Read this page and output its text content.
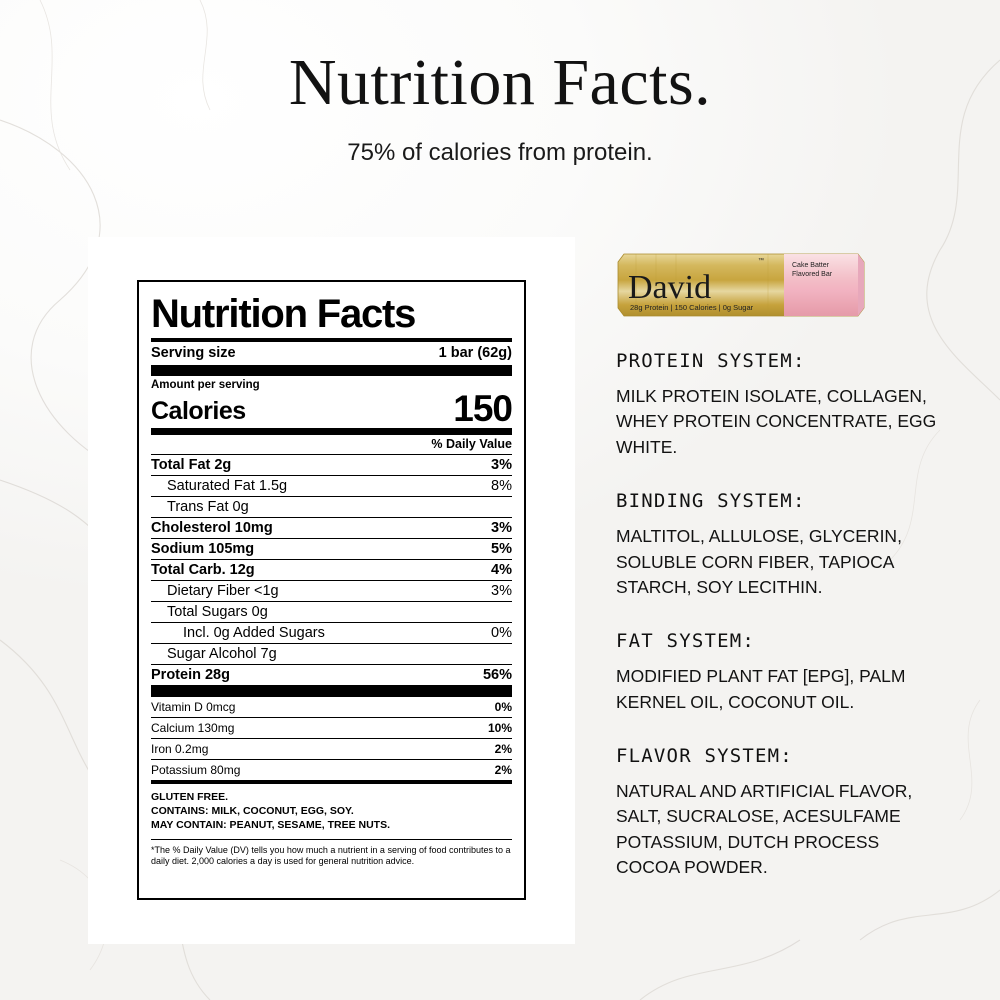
Nutrition Facts.

75% of calories from protein.

Nutrition Facts
Serving size	1 bar (62g)
Amount per serving
Calories	150
% Daily Value
Total Fat 2g	3%
Saturated Fat 1.5g	8%
Trans Fat 0g
Cholesterol 10mg	3%
Sodium 105mg	5%
Total Carb. 12g	4%
Dietary Fiber <1g	3%
Total Sugars 0g
Incl. 0g Added Sugars	0%
Sugar Alcohol 7g
Protein 28g	56%
Vitamin D 0mcg	0%
Calcium 130mg	10%
Iron 0.2mg	2%
Potassium 80mg	2%
GLUTEN FREE.
CONTAINS: MILK, COCONUT, EGG, SOY.
MAY CONTAIN: PEANUT, SESAME, TREE NUTS.
*The % Daily Value (DV) tells you how much a nutrient in a serving of food contributes to a daily diet. 2,000 calories a day is used for general nutrition advice.
David
™
Cake Batter
Flavored Bar
28g Protein | 150 Calories | 0g Sugar
PROTEIN SYSTEM:

MILK PROTEIN ISOLATE, COLLAGEN, WHEY PROTEIN CONCENTRATE, EGG WHITE.

BINDING SYSTEM:

MALTITOL, ALLULOSE, GLYCERIN, SOLUBLE CORN FIBER, TAPIOCA STARCH, SOY LECITHIN.

FAT SYSTEM:

MODIFIED PLANT FAT [EPG], PALM KERNEL OIL, COCONUT OIL.

FLAVOR SYSTEM:

NATURAL AND ARTIFICIAL FLAVOR, SALT, SUCRALOSE, ACESULFAME POTASSIUM, DUTCH PROCESS COCOA POWDER.
